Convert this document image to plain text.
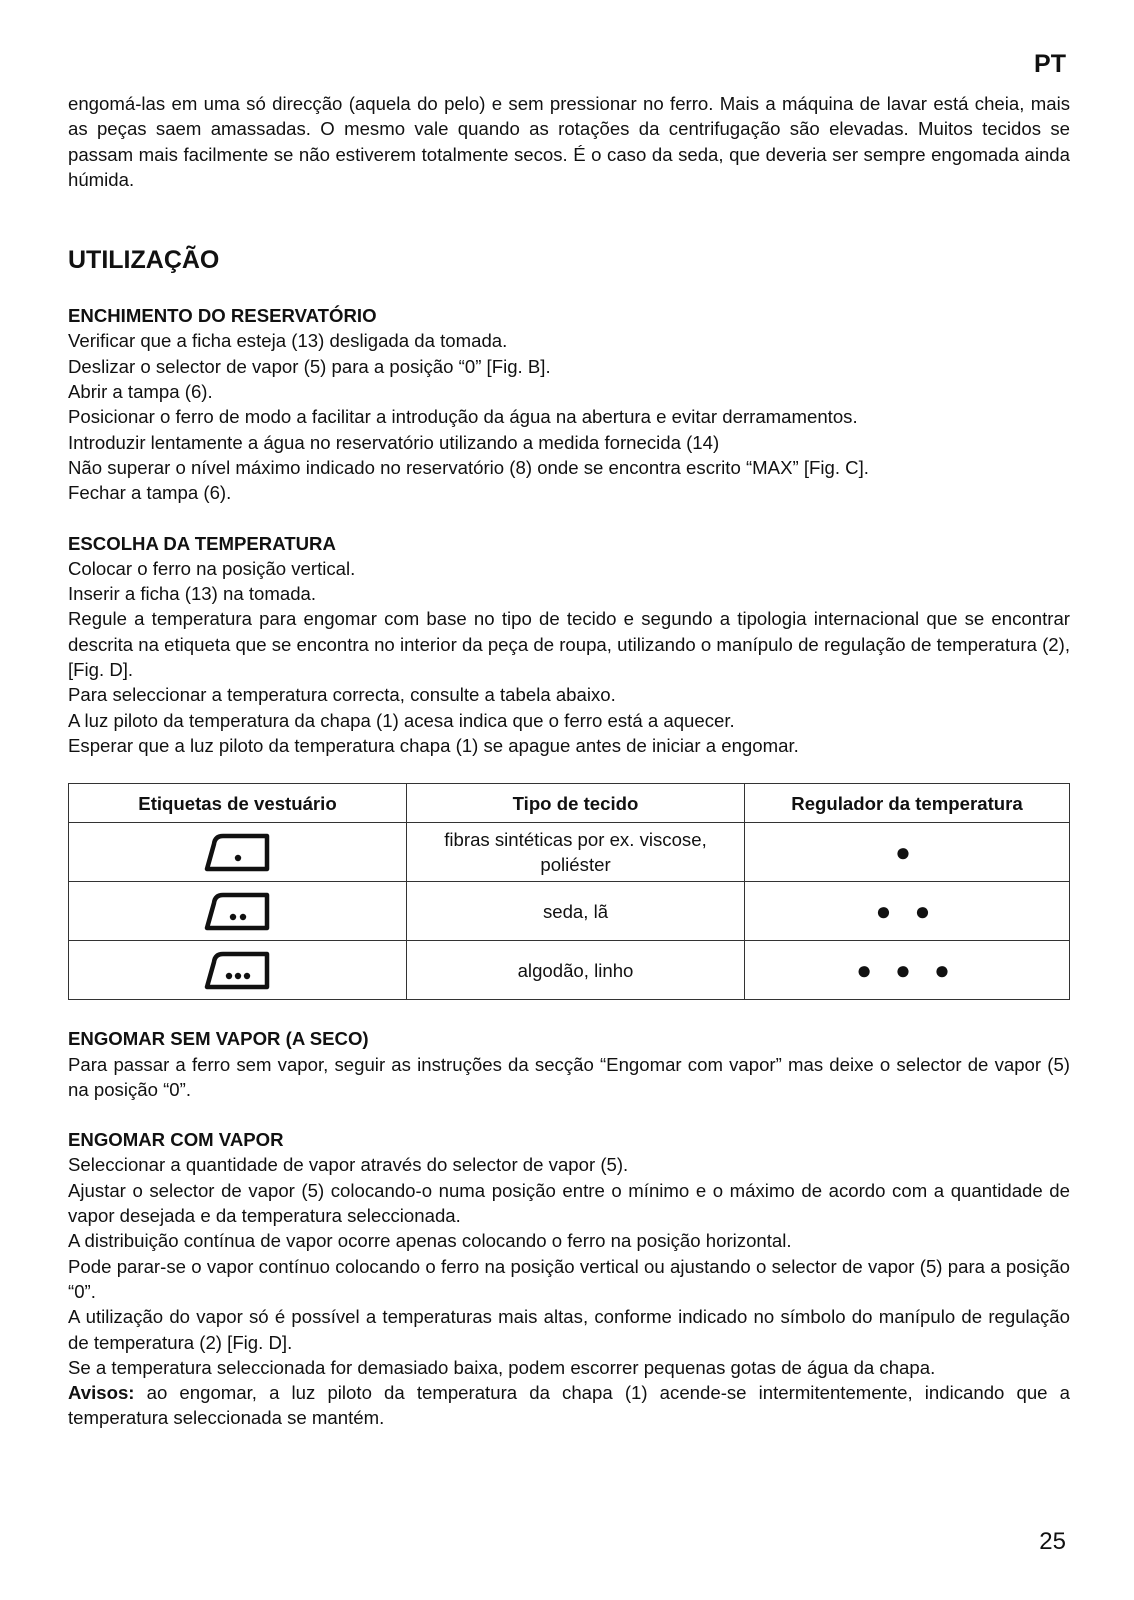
PT

engomá-las em uma só direcção (aquela do pelo) e sem pressionar no ferro. Mais a máquina de lavar está cheia, mais as peças saem amassadas. O mesmo vale quando as rotações da centrifugação são elevadas. Muitos tecidos se passam mais facilmente se não estiverem totalmente secos. É o caso da seda, que deveria ser sempre engomada ainda húmida.

UTILIZAÇÃO
ENCHIMENTO DO RESERVATÓRIO

Verificar que a ficha esteja (13) desligada da tomada.

Deslizar o selector de vapor (5) para a posição “0” [Fig. B].

Abrir a tampa (6).

Posicionar o ferro de modo a facilitar a introdução da água na abertura e evitar derramamentos.

Introduzir lentamente a água no reservatório utilizando a medida fornecida (14)

Não superar o nível máximo indicado no reservatório (8) onde se encontra escrito “MAX” [Fig. C].

Fechar a tampa (6).

ESCOLHA DA TEMPERATURA

Colocar o ferro na posição vertical.

Inserir a ficha (13) na tomada.

Regule a temperatura para engomar com base no tipo de tecido e segundo a tipologia internacional que se encontrar descrita na etiqueta que se encontra no interior da peça de roupa, utilizando o manípulo de regulação de temperatura (2), [Fig. D].

Para seleccionar a temperatura correcta, consulte a tabela abaixo.

A luz piloto da temperatura da chapa (1) acesa indica que o ferro está a aquecer.

Esperar que a luz piloto da temperatura chapa (1) se apague antes de iniciar a engomar.

Etiquetas de vestuário	Tipo de tecido	Regulador da temperatura

	fibras sintéticas por ex. viscose, poliéster	●

	seda, lã	● ●

	algodão, linho	● ● ●
ENGOMAR SEM VAPOR (A SECO)

Para passar a ferro sem vapor, seguir as instruções da secção “Engomar com vapor” mas deixe o selector de vapor (5) na posição “0”.

ENGOMAR COM VAPOR

Seleccionar a quantidade de vapor através do selector de vapor (5).

Ajustar o selector de vapor (5) colocando-o numa posição entre o mínimo e o máximo de acordo com a quantidade de vapor desejada e da temperatura seleccionada.

A distribuição contínua de vapor ocorre apenas colocando o ferro na posição horizontal.

Pode parar-se o vapor contínuo colocando o ferro na posição vertical ou ajustando o selector de vapor (5) para a posição “0”.

A utilização do vapor só é possível a temperaturas mais altas, conforme indicado no símbolo do manípulo de regulação de temperatura (2) [Fig. D].

Se a temperatura seleccionada for demasiado baixa, podem escorrer pequenas gotas de água da chapa.

Avisos: ao engomar, a luz piloto da temperatura da chapa (1) acende-se intermitentemente, indicando que a temperatura seleccionada se mantém.

25
